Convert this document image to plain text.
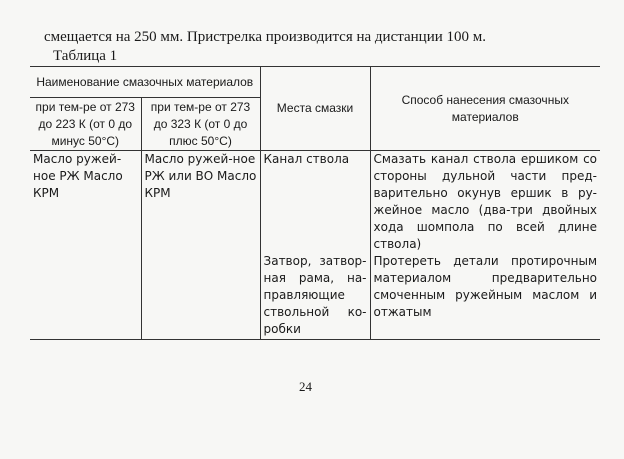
смещается на 250 мм. Пристрелка производится на дистанции 100 м.
Таблица 1
Наименование смазочных материалов		Места смазки	Способ нанесения смазочных материалов
при тем-ре от 273 до 223 К (от 0 до минус 50°С)	при тем-ре от 273 до 323 К (от 0 до плюс 50°С)		
Масло ружей-ное РЖ Масло КРМ	Масло ружей-ное РЖ или ВО Масло КРМ	Канал ствола	Смазать канал ствола ершиком со стороны дульной части пред-варительно окунув ершик в ру-жейное масло (два-три двойных хода шомпола по всей длине ствола)
		Затвор, затвор-ная рама, на-правляющие ствольной ко-робки	Протереть детали протирочным материалом предварительно смоченным ружейным маслом и отжатым
24
